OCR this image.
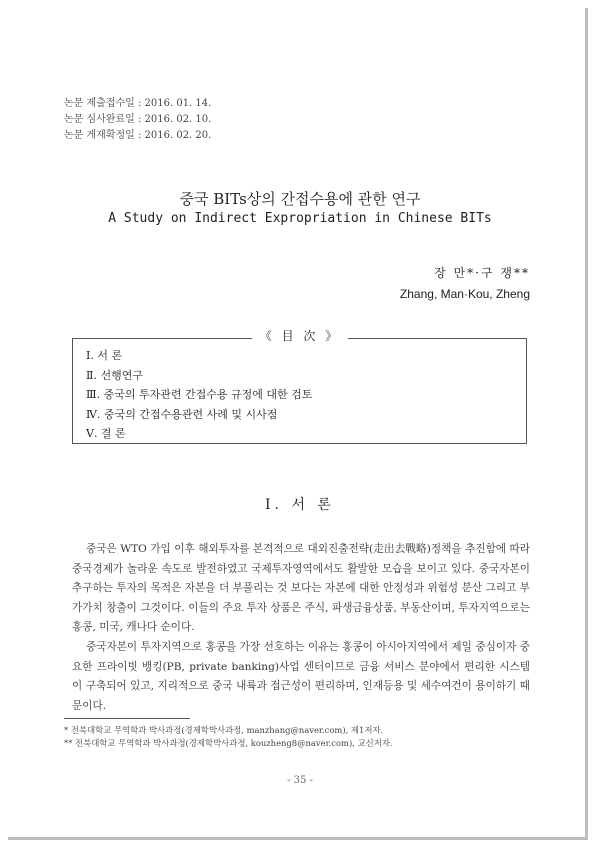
논문 제출접수일 : 2016. 01. 14.
논문 심사완료일 : 2016. 02. 10.
논문 게재확정일 : 2016. 02. 20.
중국 BITs상의 간접수용에 관한 연구
A Study on Indirect Expropriation in Chinese BITs
장 만*·구 쟁**
Zhang, Man·Kou, Zheng
《 目 次 》
Ⅰ. 서 론
Ⅱ. 선행연구
Ⅲ. 중국의 투자관련 간접수용 규정에 대한 검토
Ⅳ. 중국의 간접수용관련 사례 및 시사점
Ⅴ. 결 론
Ⅰ. 서 론

중국은 WTO 가입 이후 해외투자를 본격적으로 대외진출전략(走出去戰略)정책을 추진함에 따라 중국경제가 놀라운 속도로 발전하였고 국제투자영역에서도 활발한 모습을 보이고 있다. 중국자본이 추구하는 투자의 목적은 자본을 더 부풀리는 것 보다는 자본에 대한 안정성과 위험성 분산 그리고 부가가치 창출이 그것이다. 이들의 주요 투자 상품은 주식, 파생금융상품, 부동산이며, 투자지역으로는 홍콩, 미국, 캐나다 순이다.

중국자본이 투자지역으로 홍콩을 가장 선호하는 이유는 홍콩이 아시아지역에서 제일 중심이자 중요한 프라이빗 뱅킹(PB, private banking)사업 센터이므로 금융 서비스 분야에서 편리한 시스템이 구축되어 있고, 지리적으로 중국 내륙과 접근성이 편리하며, 인재등용 및 세수여건이 용이하기 때문이다.

* 전북대학교 무역학과 박사과정(경제학박사과정, manzhang@naver.com), 제1저자.
** 전북대학교 무역학과 박사과정(경제학박사과정, kouzheng8@naver.com), 교신저자.
- 35 -
